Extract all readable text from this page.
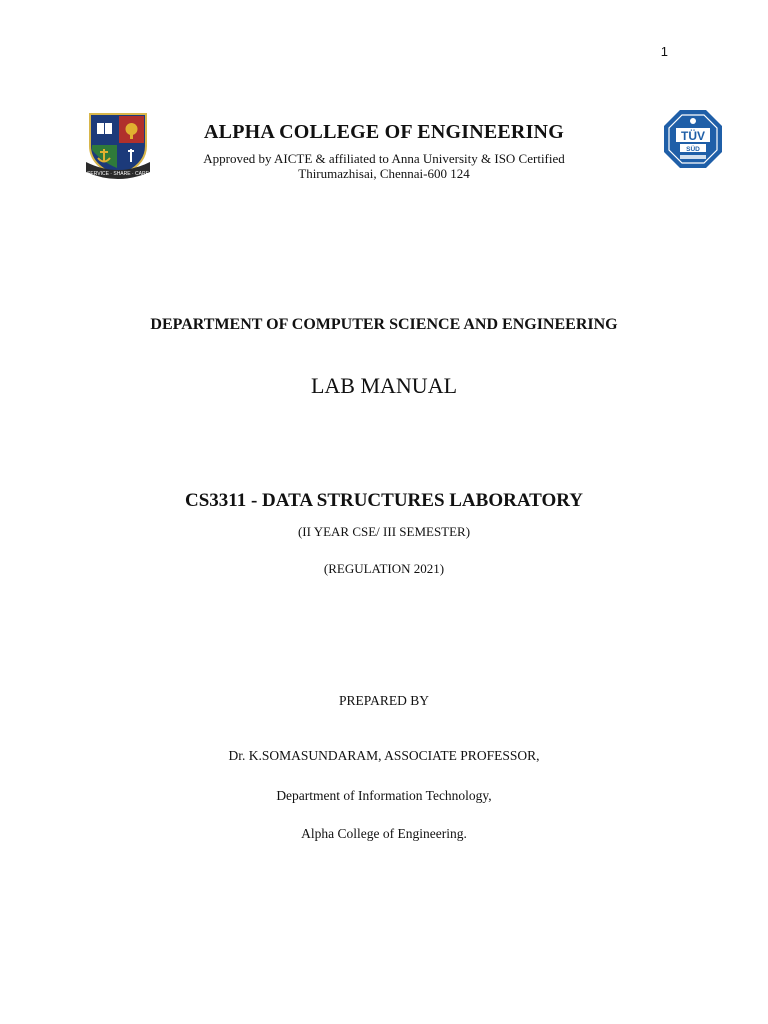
1
SERVICE · SHARE · CARE
TÜV
SÜD
ALPHA COLLEGE OF ENGINEERING
Approved by AICTE & affiliated to Anna University & ISO Certified
Thirumazhisai, Chennai-600 124
DEPARTMENT OF COMPUTER SCIENCE AND ENGINEERING
LAB MANUAL
CS3311 - DATA STRUCTURES LABORATORY
(II YEAR CSE/ III SEMESTER)
(REGULATION 2021)
PREPARED BY
Dr. K.SOMASUNDARAM, ASSOCIATE PROFESSOR,
Department of Information Technology,
Alpha College of Engineering.
